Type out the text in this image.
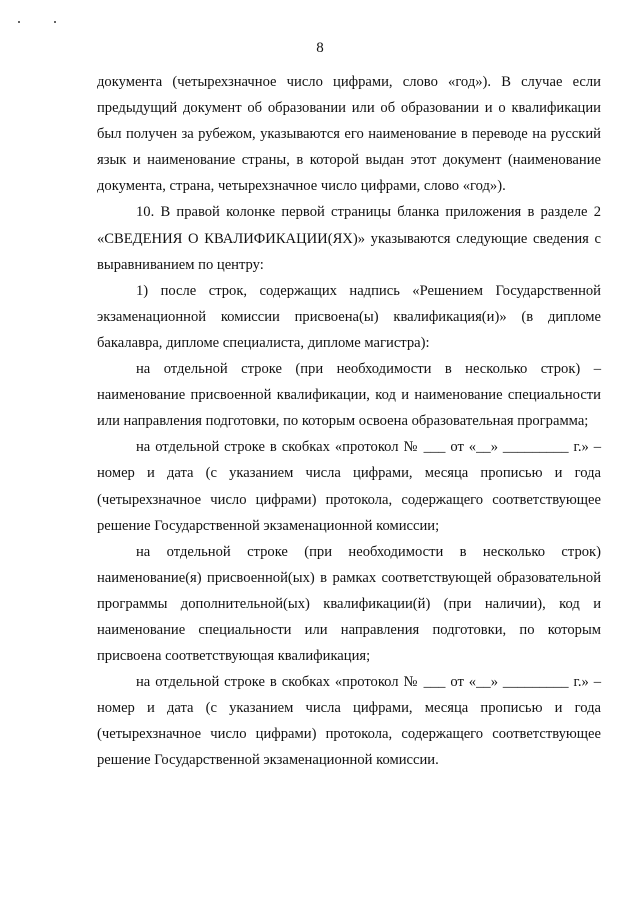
8

документа (четырехзначное число цифрами, слово «год»). В случае если предыдущий документ об образовании или об образовании и о квалификации был получен за рубежом, указываются его наименование в переводе на русский язык и наименование страны, в которой выдан этот документ (наименование документа, страна, четырехзначное число цифрами, слово «год»).

10. В правой колонке первой страницы бланка приложения в разделе 2 «СВЕДЕНИЯ О КВАЛИФИКАЦИИ(ЯХ)» указываются следующие сведения с выравниванием по центру:

1) после строк, содержащих надпись «Решением Государственной экзаменационной комиссии присвоена(ы) квалификация(и)» (в дипломе бакалавра, дипломе специалиста, дипломе магистра):

на отдельной строке (при необходимости в несколько строк) – наименование присвоенной квалификации, код и наименование специальности или направления подготовки, по которым освоена образовательная программа;

на отдельной строке в скобках «протокол № ___ от «__» _________ г.» – номер и дата (с указанием числа цифрами, месяца прописью и года (четырехзначное число цифрами) протокола, содержащего соответствующее решение Государственной экзаменационной комиссии;

на отдельной строке (при необходимости в несколько строк) наименование(я) присвоенной(ых) в рамках соответствующей образовательной программы дополнительной(ых) квалификации(й) (при наличии), код и наименование специальности или направления подготовки, по которым присвоена соответствующая квалификация;

на отдельной строке в скобках «протокол № ___ от «__» _________ г.» – номер и дата (с указанием числа цифрами, месяца прописью и года (четырехзначное число цифрами) протокола, содержащего соответствующее решение Государственной экзаменационной комиссии.
